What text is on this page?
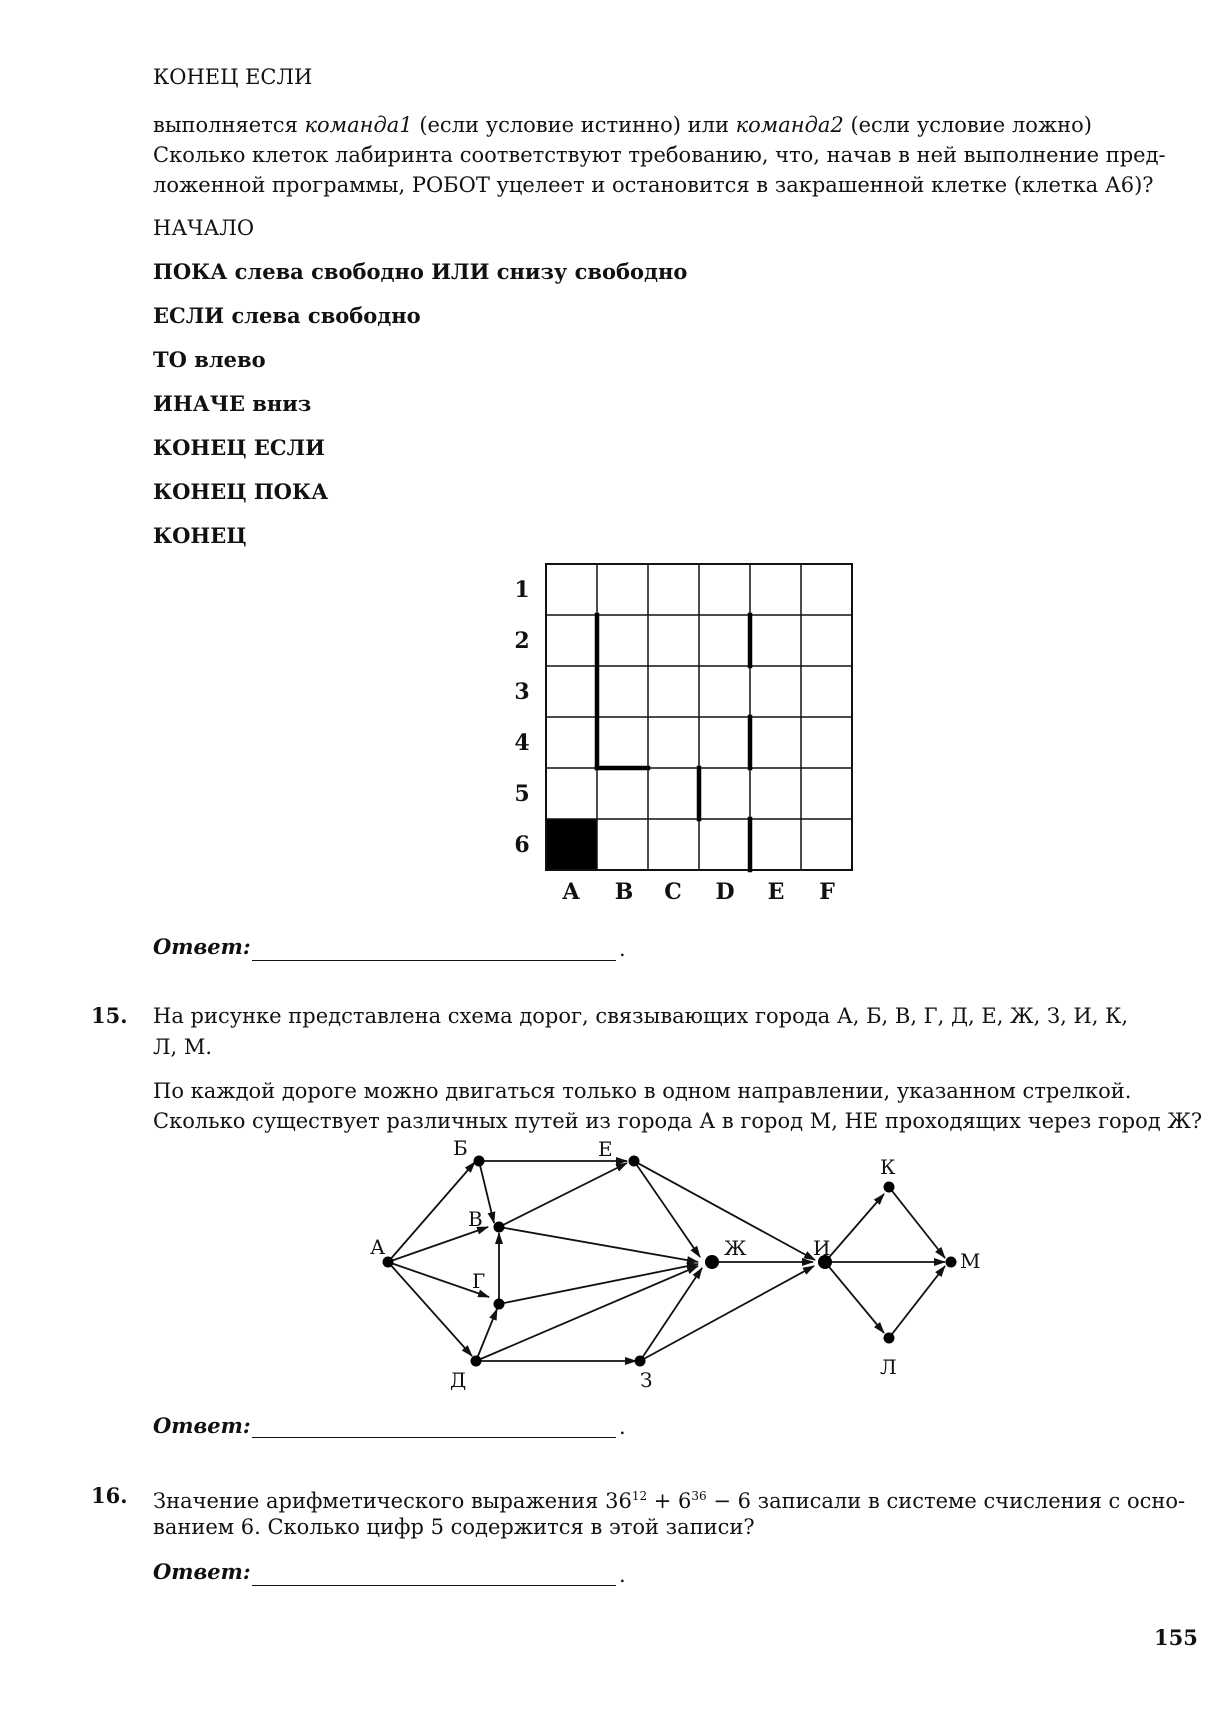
КОНЕЦ ЕСЛИ
выполняется команда1 (если условие истинно) или команда2 (если условие ложно)
Сколько клеток лабиринта соответствуют требованию, что, начав в ней выполнение пред-
ложенной программы, РОБОТ уцелеет и остановится в закрашенной клетке (клетка А6)?
НАЧАЛО
ПОКА слева свободно ИЛИ снизу свободно
ЕСЛИ слева свободно
ТО влево
ИНАЧЕ вниз
КОНЕЦ ЕСЛИ
КОНЕЦ ПОКА
КОНЕЦ
1
2
3
4
5
6
A B C D E F
Ответ:	.
15. На рисунке представлена схема дорог, связывающих города А, Б, В, Г, Д, Е, Ж, З, И, К,
Л, М.
По каждой дороге можно двигаться только в одном направлении, указанном стрелкой.
Сколько существует различных путей из города А в город М, НЕ проходящих через город Ж?
А
Б
В
Г
Д
Е
Ж
З
И
К
Л
М
Ответ:	.
16. Значение арифметического выражения $36^{12} + 6^{36} - 6$ записали в системе счисления с осно-
ванием 6. Сколько цифр 5 содержится в этой записи?
Ответ:	.
155
